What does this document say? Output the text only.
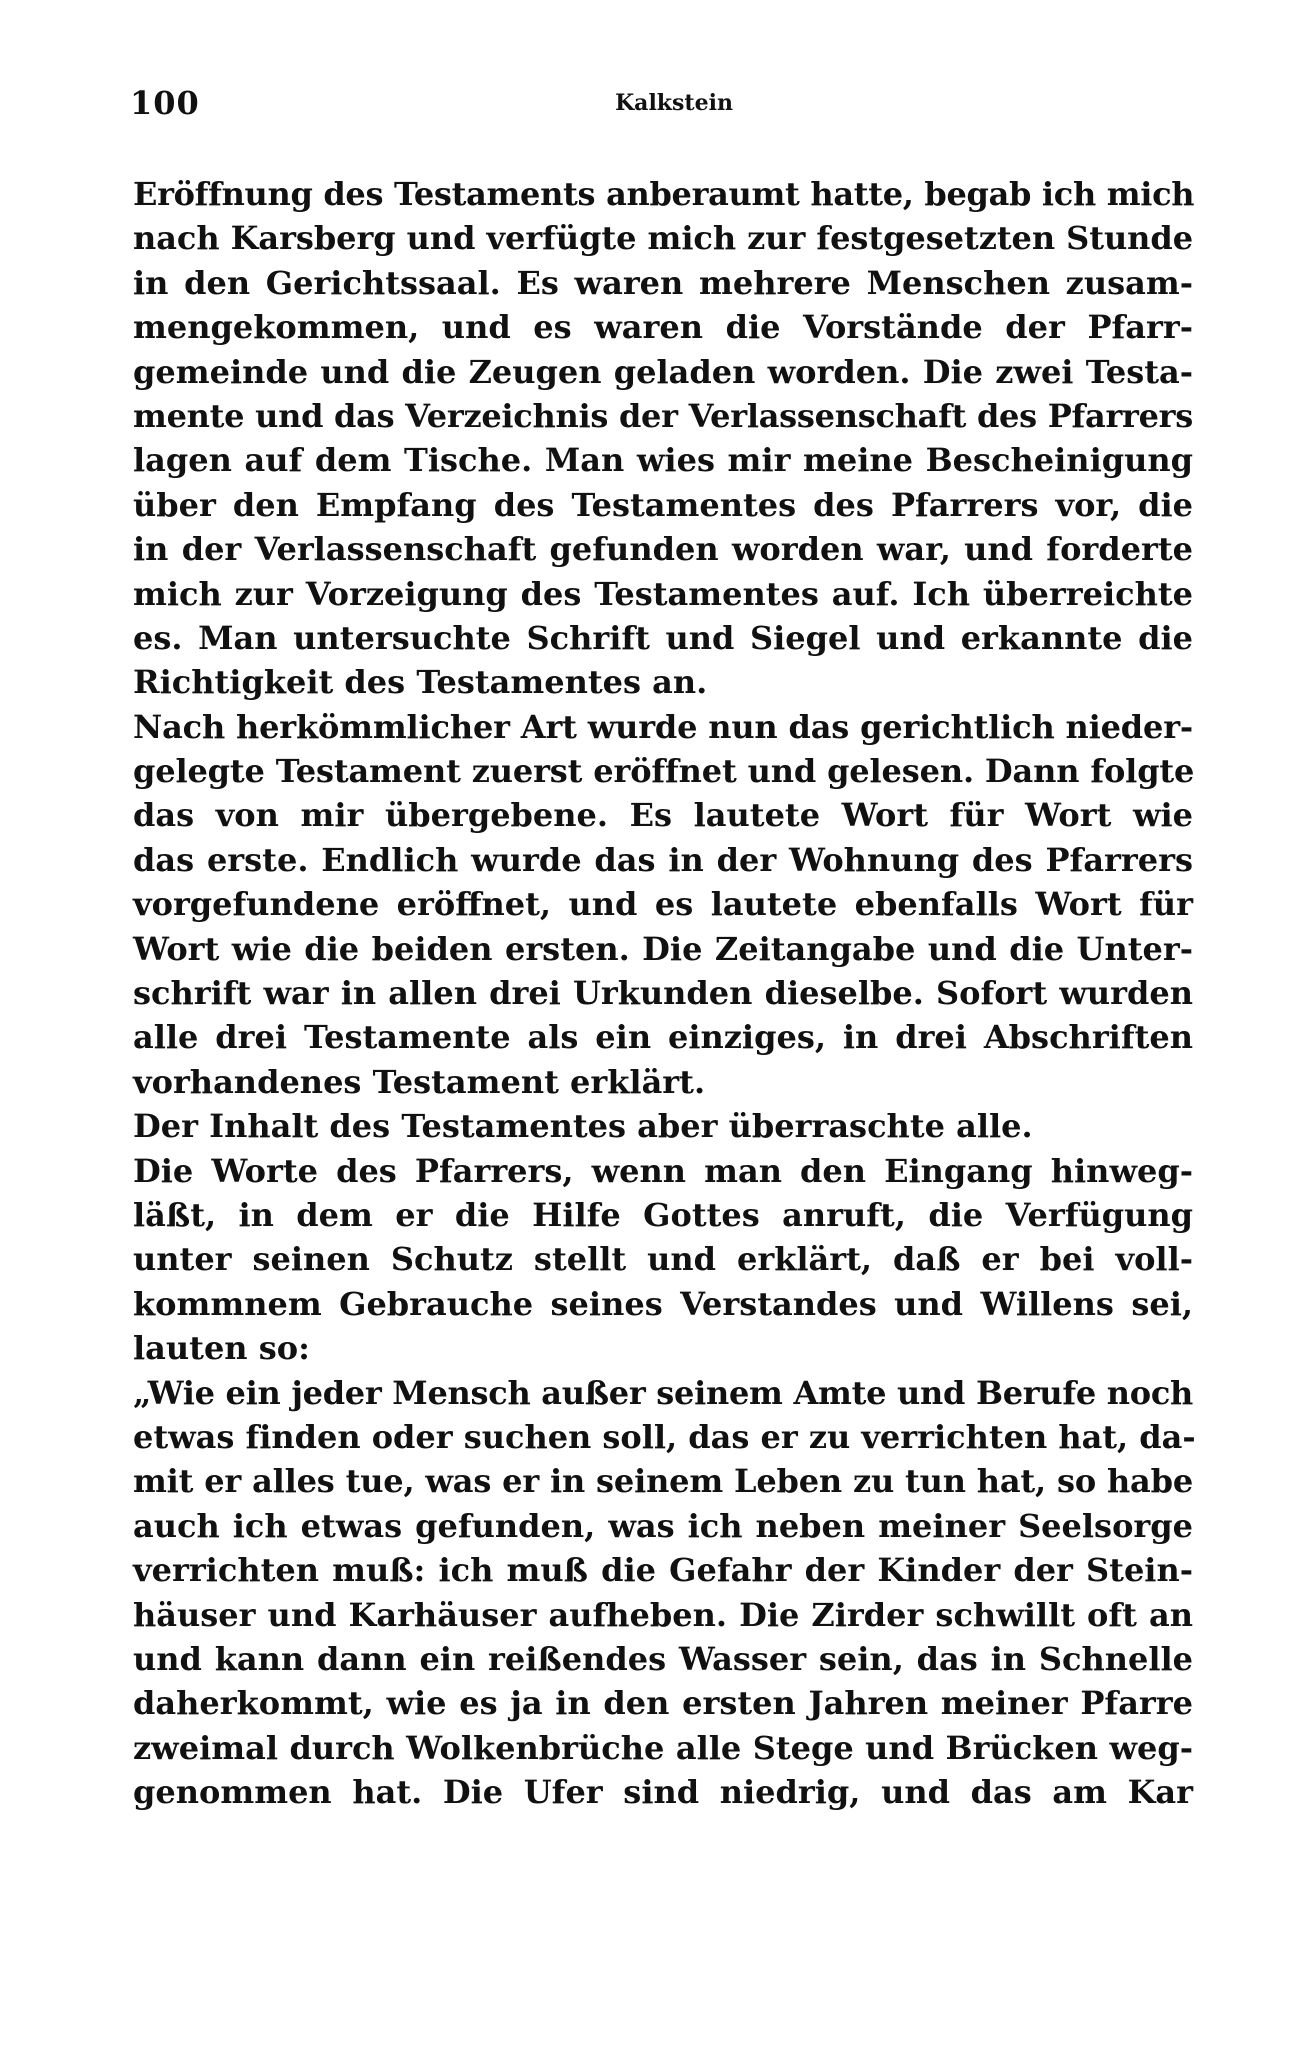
100	Kalkstein
Eröffnung des Testaments anberaumt hatte, begab ich mich
nach Karsberg und verfügte mich zur festgesetzten Stunde
in den Gerichtssaal. Es waren mehrere Menschen zusam-
mengekommen, und es waren die Vorstände der Pfarr-
gemeinde und die Zeugen geladen worden. Die zwei Testa-
mente und das Verzeichnis der Verlassenschaft des Pfarrers
lagen auf dem Tische. Man wies mir meine Bescheinigung
über den Empfang des Testamentes des Pfarrers vor, die
in der Verlassenschaft gefunden worden war, und forderte
mich zur Vorzeigung des Testamentes auf. Ich überreichte
es. Man untersuchte Schrift und Siegel und erkannte die
Richtigkeit des Testamentes an.
Nach herkömmlicher Art wurde nun das gerichtlich nieder-
gelegte Testament zuerst eröffnet und gelesen. Dann folgte
das von mir übergebene. Es lautete Wort für Wort wie
das erste. Endlich wurde das in der Wohnung des Pfarrers
vorgefundene eröffnet, und es lautete ebenfalls Wort für
Wort wie die beiden ersten. Die Zeitangabe und die Unter-
schrift war in allen drei Urkunden dieselbe. Sofort wurden
alle drei Testamente als ein einziges, in drei Abschriften
vorhandenes Testament erklärt.
Der Inhalt des Testamentes aber überraschte alle.
Die Worte des Pfarrers, wenn man den Eingang hinweg-
läßt, in dem er die Hilfe Gottes anruft, die Verfügung
unter seinen Schutz stellt und erklärt, daß er bei voll-
kommnem Gebrauche seines Verstandes und Willens sei,
lauten so:
„Wie ein jeder Mensch außer seinem Amte und Berufe noch
etwas finden oder suchen soll, das er zu verrichten hat, da-
mit er alles tue, was er in seinem Leben zu tun hat, so habe
auch ich etwas gefunden, was ich neben meiner Seelsorge
verrichten muß: ich muß die Gefahr der Kinder der Stein-
häuser und Karhäuser aufheben. Die Zirder schwillt oft an
und kann dann ein reißendes Wasser sein, das in Schnelle
daherkommt, wie es ja in den ersten Jahren meiner Pfarre
zweimal durch Wolkenbrüche alle Stege und Brücken weg-
genommen hat. Die Ufer sind niedrig, und das am Kar
